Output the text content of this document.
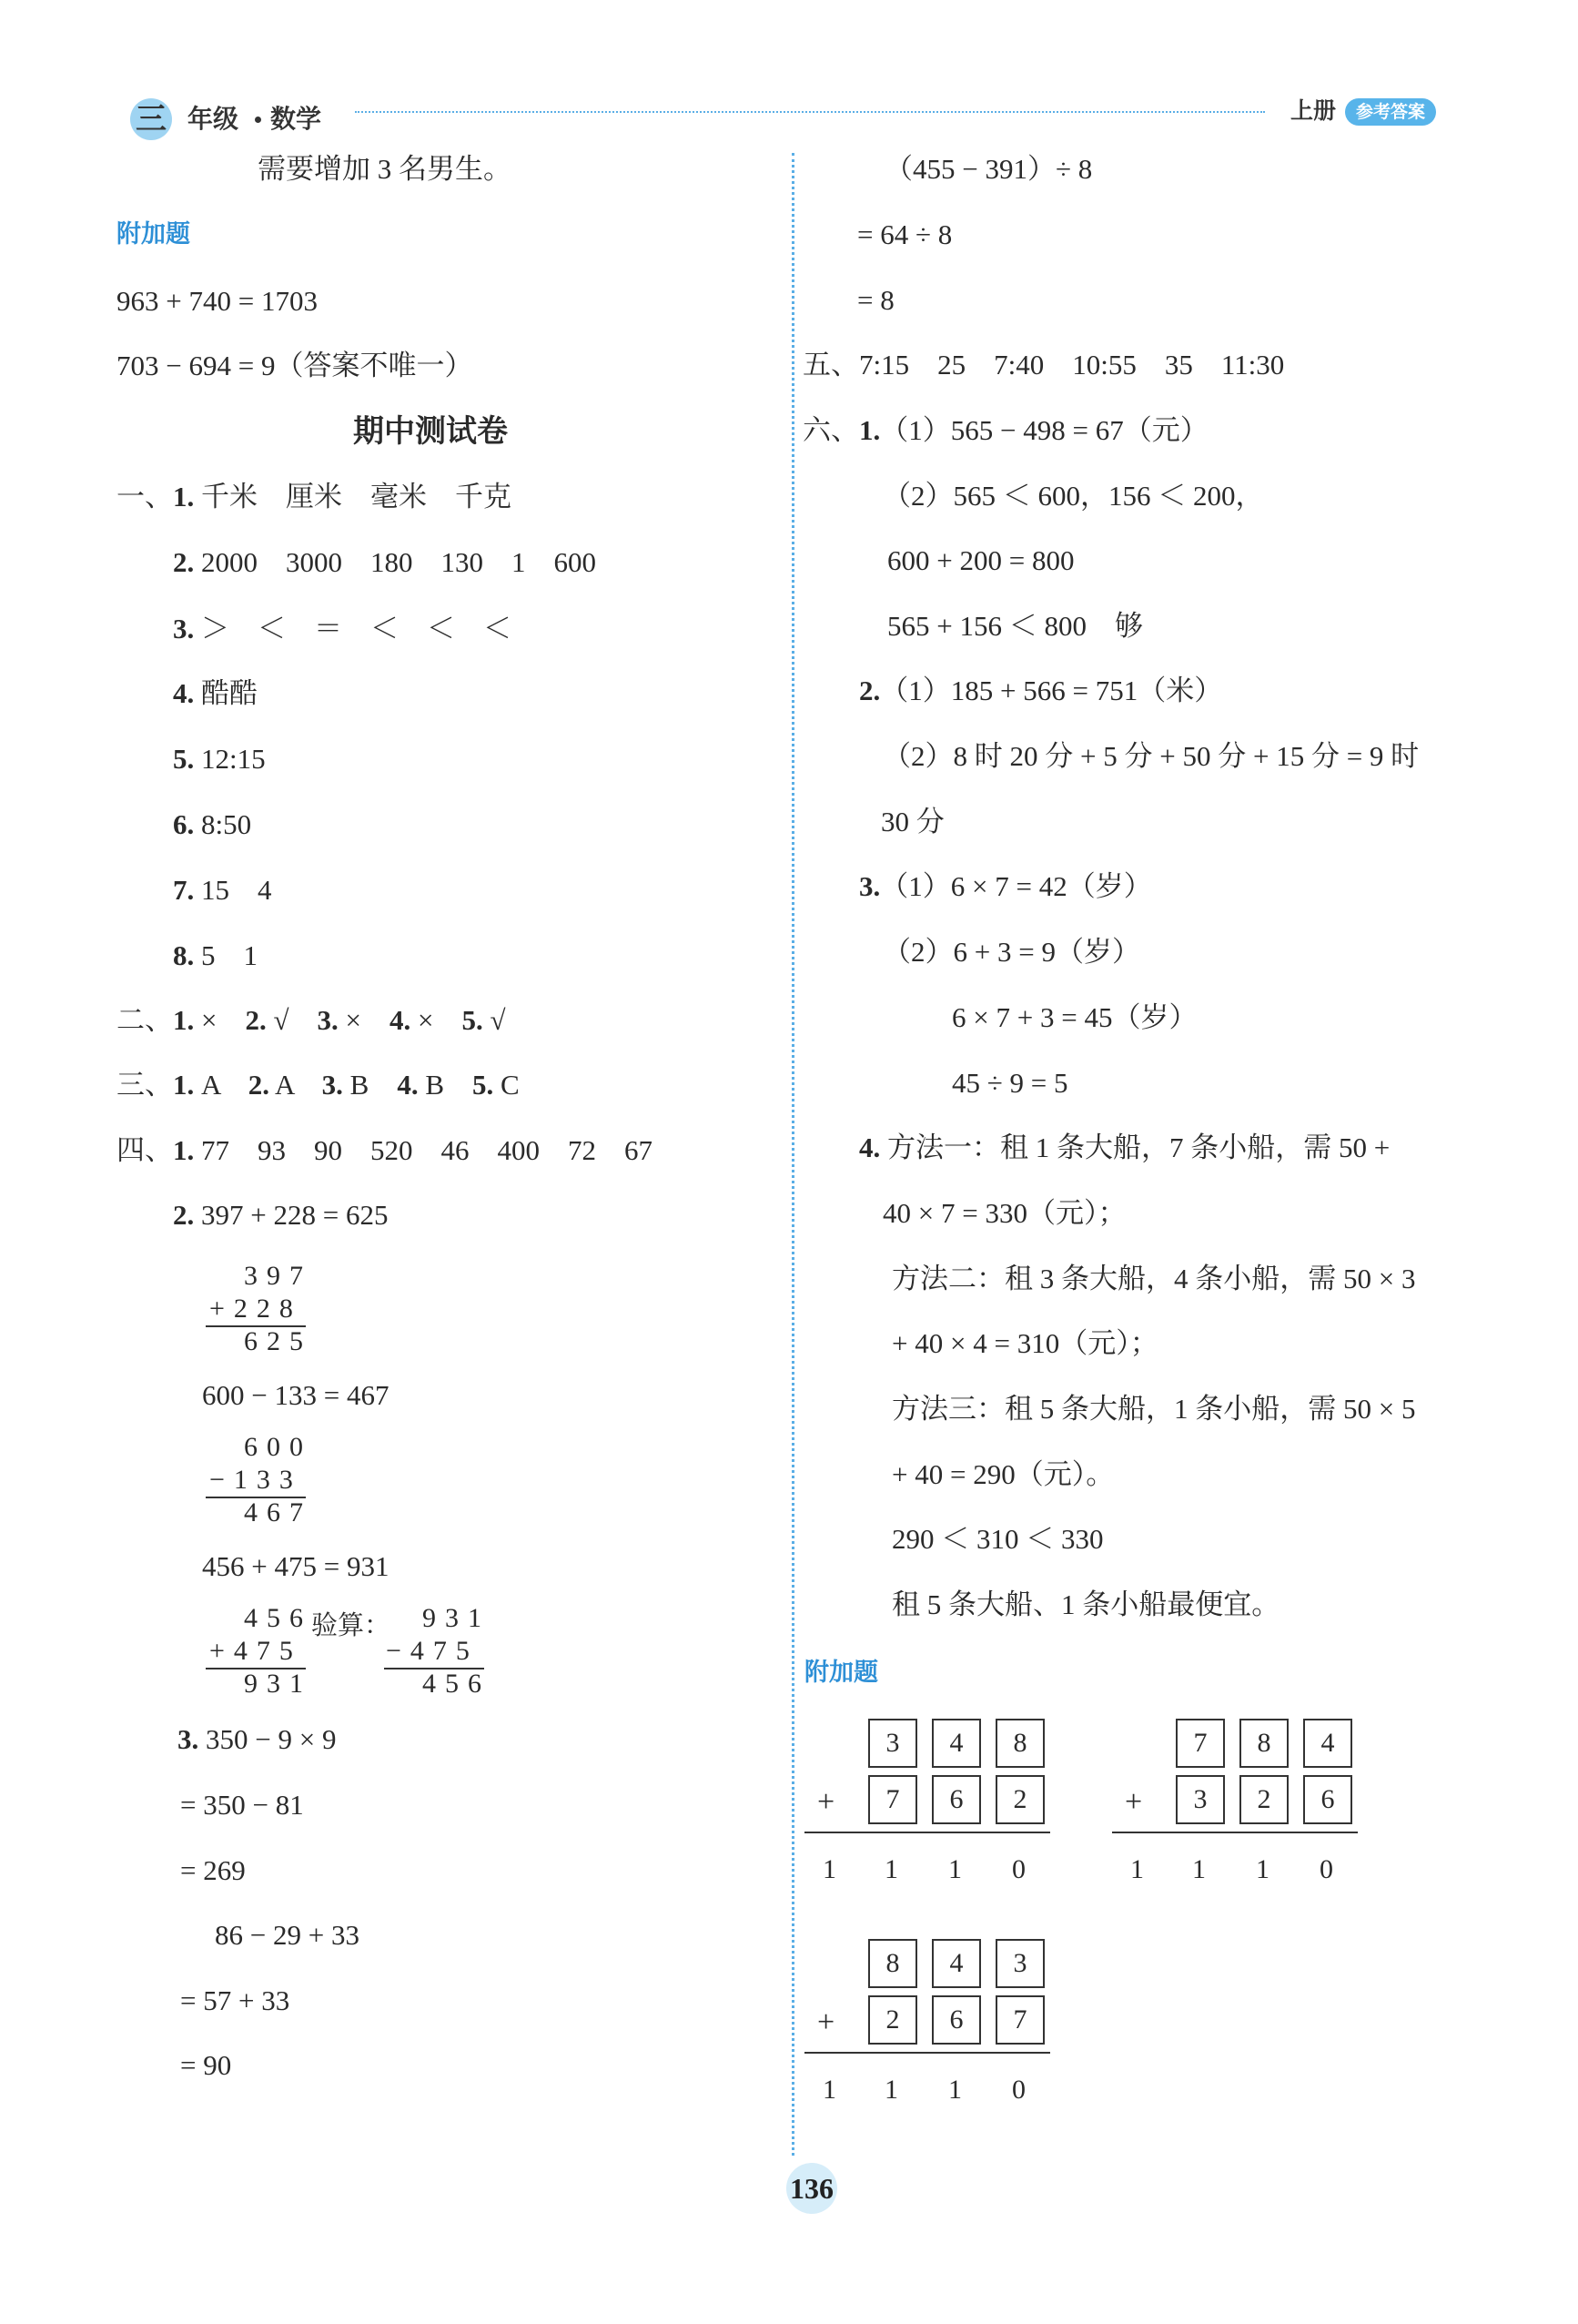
三 年级 数学	上册	参考答案
需要增加 3 名男生。
附加题
963 + 740 = 1703
703 − 694 = 9（答案不唯一）
期中测试卷
一、1. 千米　厘米　毫米　千克
2. 2000　3000　180　130　1　600
3. ＞　＜　＝　＜　＜　＜
4. 酷酷
5. 12:15
6. 8:50
7. 15　4
8. 5　1
二、1. ×　2. √　3. ×　4. ×　5. √
三、1. A　2. A　3. B　4. B　5. C
四、1. 77　93　90　520　46　400　72　67
2. 397 + 228 = 625
397
+228
625
600 − 133 = 467
600
−133
467
456 + 475 = 931
456
+475
931
验算： 931
−475
456
3. 350 − 9 × 9
= 350 − 81
= 269
86 − 29 + 33
= 57 + 33
= 90
（455 − 391）÷ 8
= 64 ÷ 8
= 8
五、7:15　25　7:40　10:55　35　11:30
六、1.（1）565 − 498 = 67（元）
（2）565 ＜ 600，156 ＜ 200，
600 + 200 = 800
565 + 156 ＜ 800　够
2.（1）185 + 566 = 751（米）
（2）8 时 20 分 + 5 分 + 50 分 + 15 分 = 9 时
30 分
3.（1）6 × 7 = 42（岁）
（2）6 + 3 = 9（岁）
6 × 7 + 3 = 45（岁）
45 ÷ 9 = 5
4. 方法一：租 1 条大船，7 条小船，需 50 +
40 × 7 = 330（元）；
方法二：租 3 条大船，4 条小船，需 50 × 3
+ 40 × 4 = 310（元）；
方法三：租 5 条大船，1 条小船，需 50 × 5
+ 40 = 290（元）。
290 ＜ 310 ＜ 330
租 5 条大船、1 条小船最便宜。
附加题
3	4	8
+	7	6	2
1 1 1 0
7	8	4
+	3	2	6
1 1 1 0
8	4	3
+	2	6	7
1 1 1 0
136
